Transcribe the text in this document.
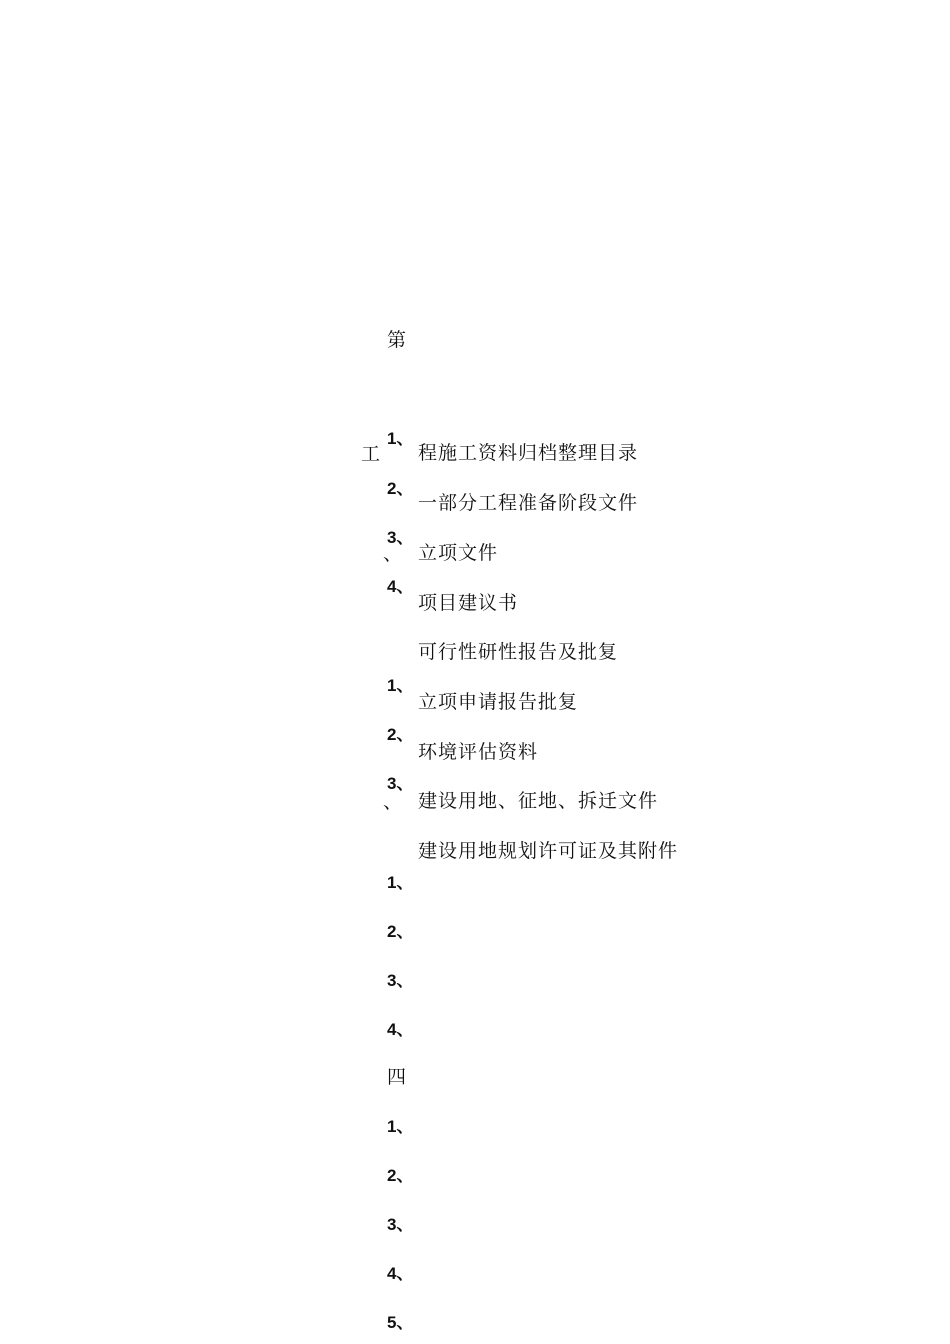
第
工
、
、
四
1、
2、
3、
4、
1、
2、
3、
1、
2、
3、
4、
1、
2、
3、
4、
5、
程施工资料归档整理目录
一部分工程准备阶段文件
立项文件
项目建议书
可行性研性报告及批复
立项申请报告批复
环境评估资料
建设用地、征地、拆迁文件
建设用地规划许可证及其附件
